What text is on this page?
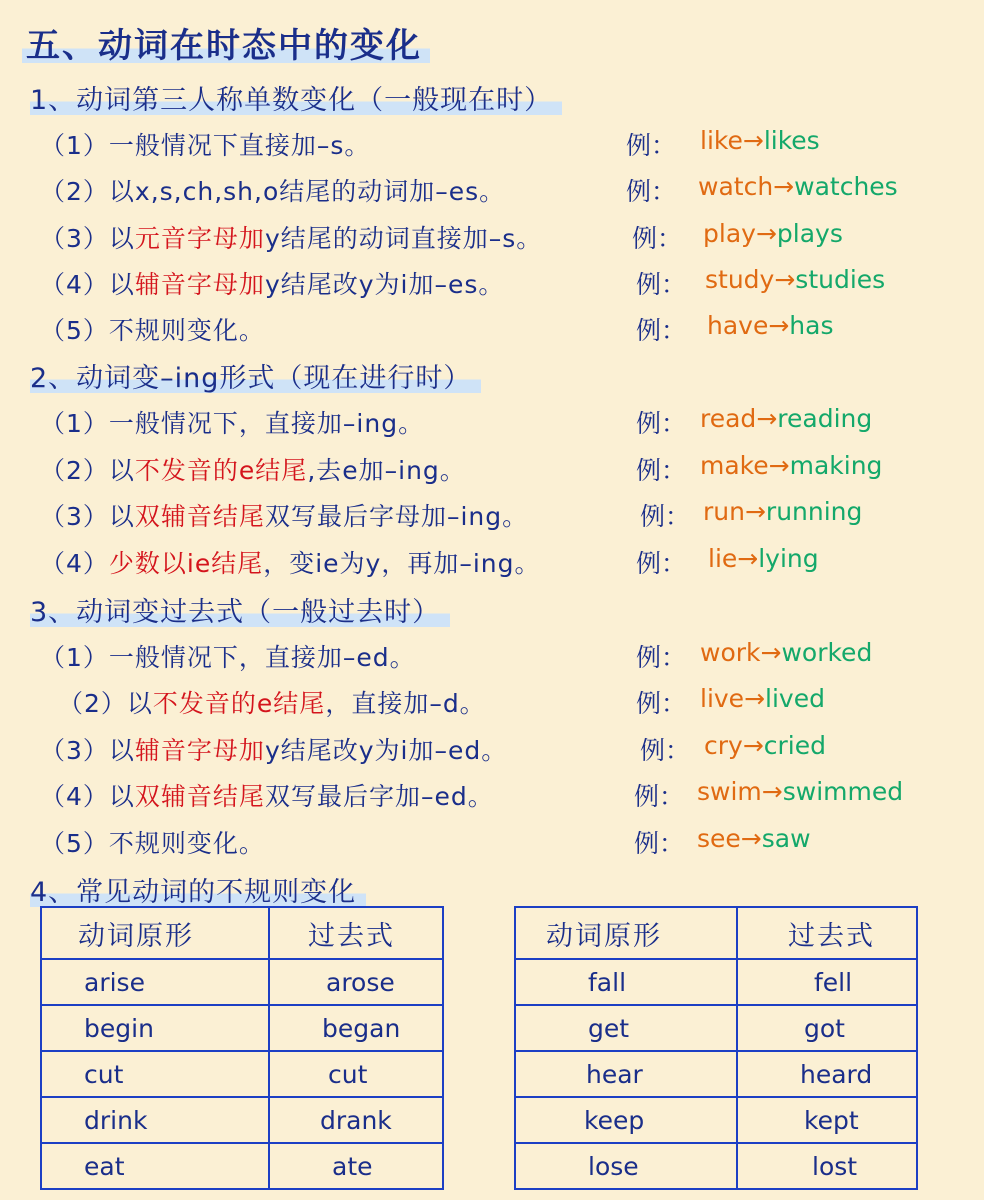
五、动词在时态中的变化
1、动词第三人称单数变化（一般现在时）
（1）一般情况下直接加–s。	例： like→likes
（2）以x,s,ch,sh,o结尾的动词加–es。	例： watch→watches
（3）以元音字母加y结尾的动词直接加–s。	例： play→plays
（4）以辅音字母加y结尾改y为i加–es。	例： study→studies
（5）不规则变化。	例： have→has
2、动词变–ing形式（现在进行时）
（1）一般情况下，直接加–ing。	例： read→reading
（2）以不发音的e结尾,去e加–ing。	例： make→making
（3）以双辅音结尾双写最后字母加–ing。	例： run→running
（4）少数以ie结尾，变ie为y，再加–ing。	例： lie→lying
3、动词变过去式（一般过去时）
（1）一般情况下，直接加–ed。	例： work→worked
（2）以不发音的e结尾，直接加–d。	例： live→lived
（3）以辅音字母加y结尾改y为i加–ed。	例： cry→cried
（4）以双辅音结尾双写最后字加–ed。	例： swim→swimmed
（5）不规则变化。	例： see→saw
4、常见动词的不规则变化
动词原形	过去式
arise	arose
begin	began
cut	cut
drink	drank
eat	ate
动词原形	过去式
fall	fell
get	got
hear	heard
keep	kept
lose	lost
